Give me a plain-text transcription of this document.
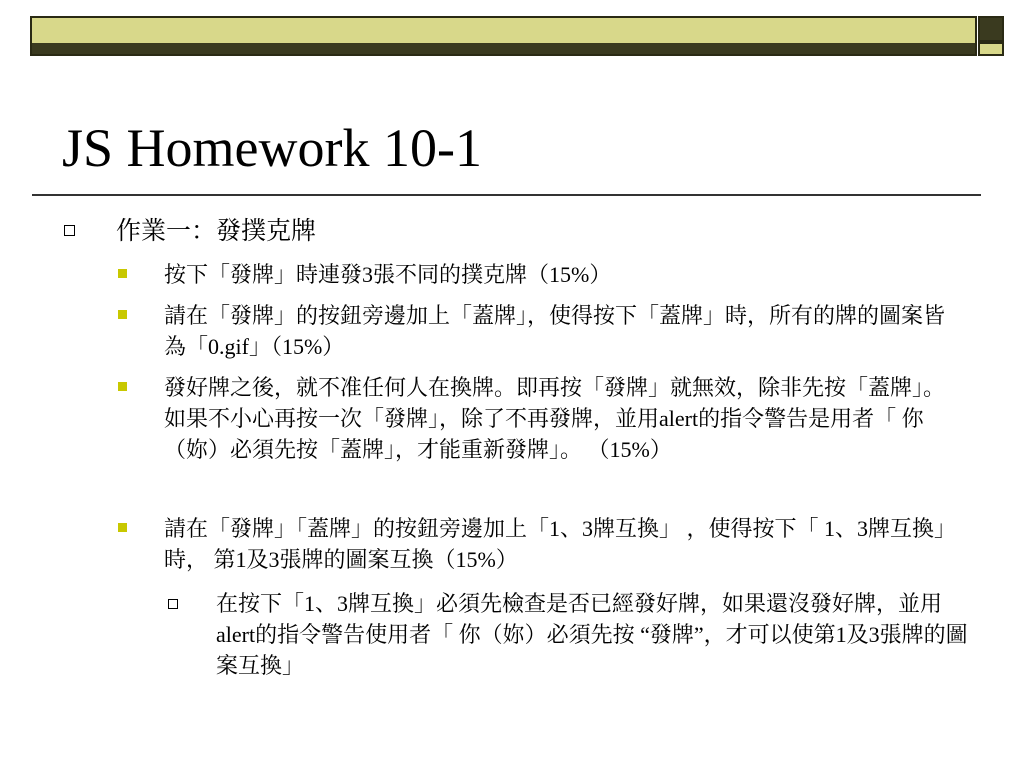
JS Homework 10-1
作業一：發撲克牌
按下「發牌」時連發3張不同的撲克牌（15%）
請在「發牌」的按鈕旁邊加上「蓋牌」，使得按下「蓋牌」時，所有的牌的圖案皆為「0.gif」（15%）
發好牌之後，就不准任何人在換牌。即再按「發牌」就無效，除非先按「蓋牌」。如果不小心再按一次「發牌」，除了不再發牌，並用alert的指令警告是用者「 你（妳）必須先按「蓋牌」，才能重新發牌」。 （15%）
請在「發牌」「蓋牌」的按鈕旁邊加上「1、3牌互換」 ，使得按下「 1、3牌互換」時， 第1及3張牌的圖案互換（15%）
在按下「1、3牌互換」必須先檢查是否已經發好牌，如果還沒發好牌，並用alert的指令警告使用者「 你（妳）必須先按 “發牌”，才可以使第1及3張牌的圖案互換」
